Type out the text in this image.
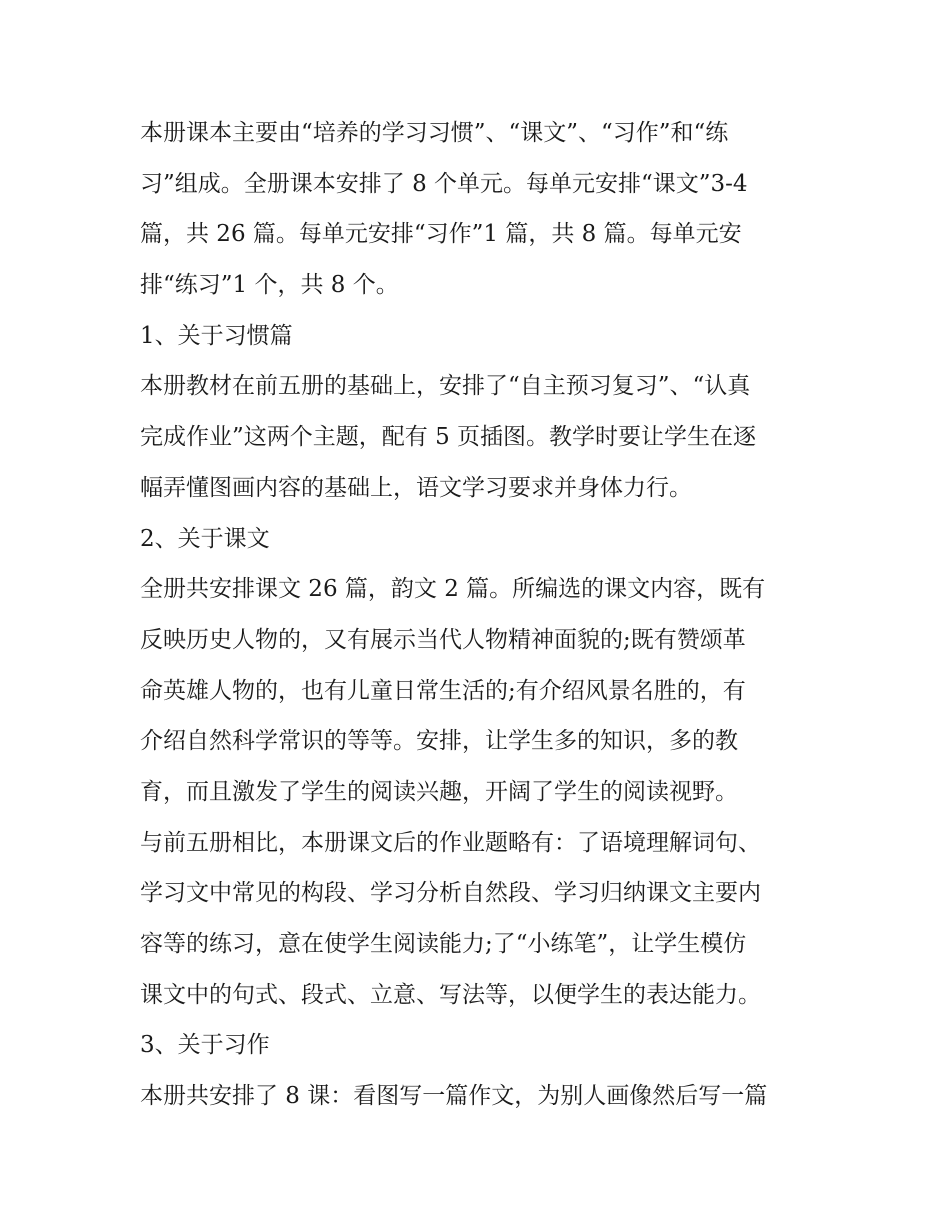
本册课本主要由“培养的学习习惯”、“课文”、“习作”和“练
习”组成。全册课本安排了 8 个单元。每单元安排“课文”3-4
篇，共 26 篇。每单元安排“习作”1 篇，共 8 篇。每单元安
排“练习”1 个，共 8 个。
1、关于习惯篇
本册教材在前五册的基础上，安排了“自主预习复习”、“认真
完成作业”这两个主题，配有 5 页插图。教学时要让学生在逐
幅弄懂图画内容的基础上，语文学习要求并身体力行。
2、关于课文
全册共安排课文 26 篇，韵文 2 篇。所编选的课文内容，既有
反映历史人物的，又有展示当代人物精神面貌的;既有赞颂革
命英雄人物的，也有儿童日常生活的;有介绍风景名胜的，有
介绍自然科学常识的等等。安排，让学生多的知识，多的教
育，而且激发了学生的阅读兴趣，开阔了学生的阅读视野。
与前五册相比，本册课文后的作业题略有：了语境理解词句、
学习文中常见的构段、学习分析自然段、学习归纳课文主要内
容等的练习，意在使学生阅读能力;了“小练笔”，让学生模仿
课文中的句式、段式、立意、写法等，以便学生的表达能力。
3、关于习作
本册共安排了 8 课：看图写一篇作文，为别人画像然后写一篇
